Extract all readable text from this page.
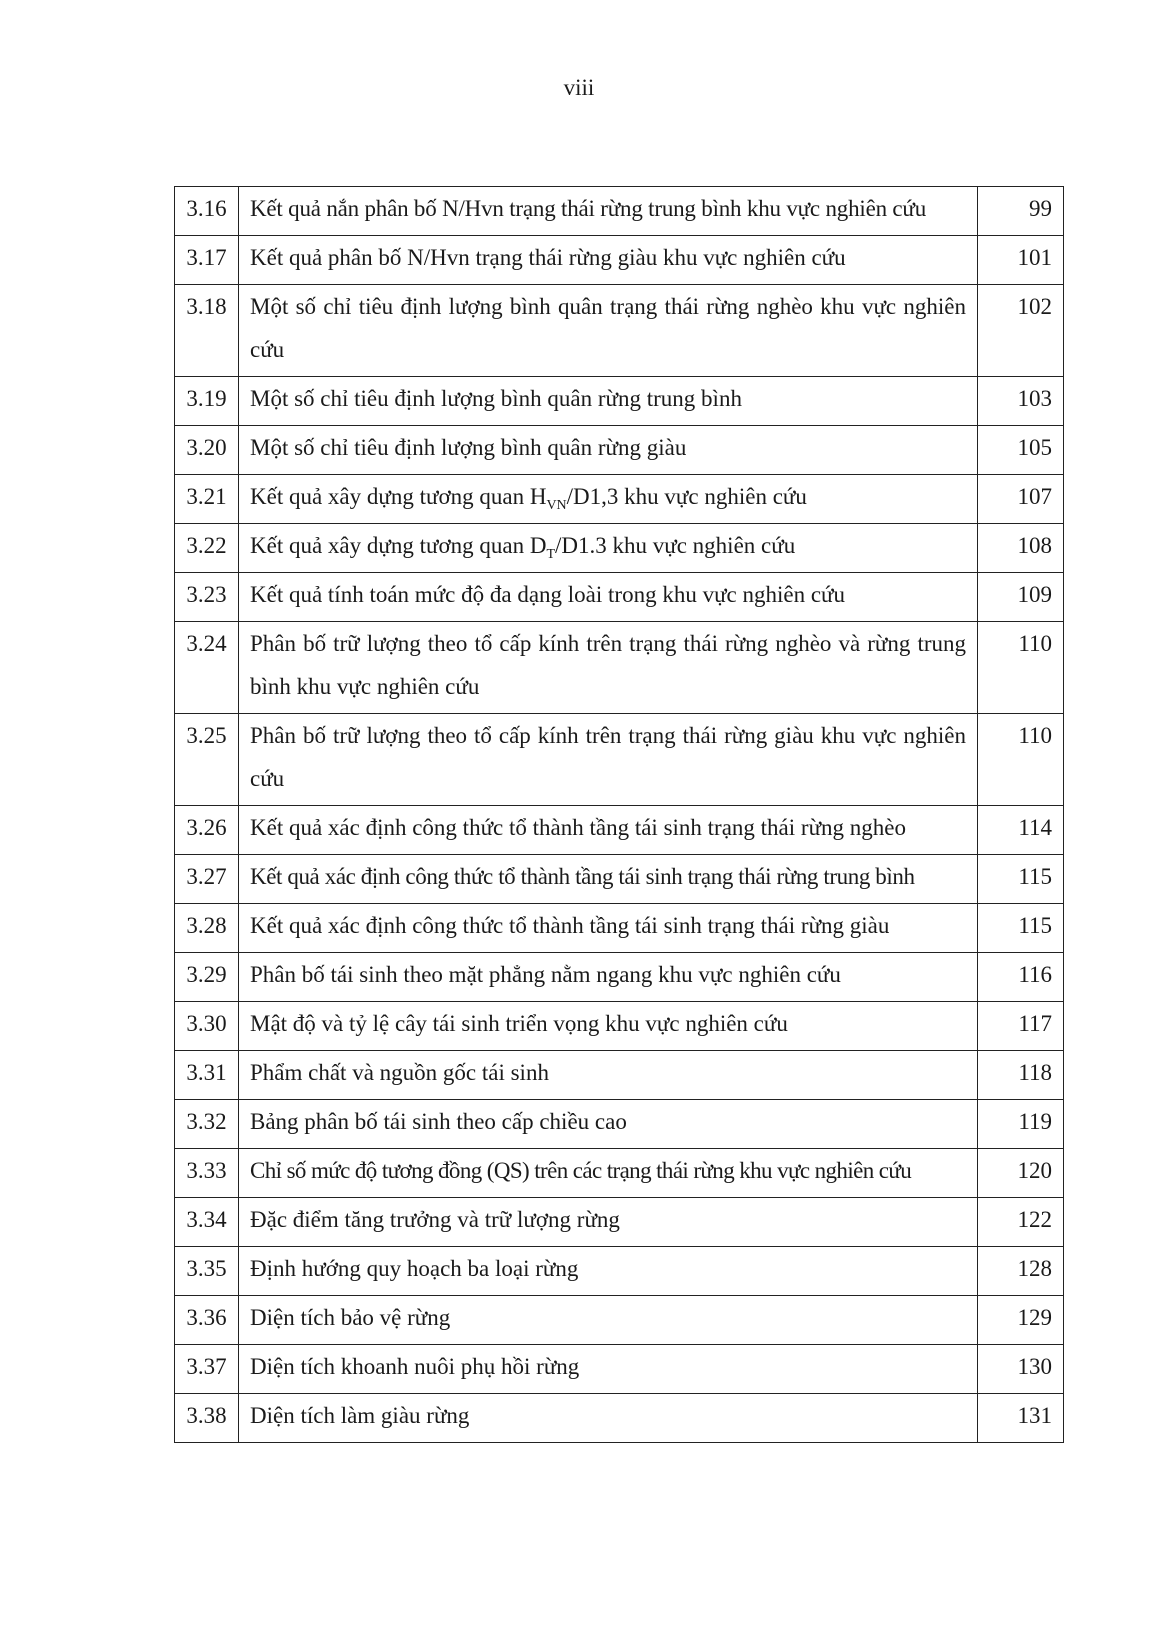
viii
3.16	Kết quả nắn phân bố N/Hvn trạng thái rừng trung bình khu vực nghiên cứu	99

3.17	Kết quả phân bố N/Hvn trạng thái rừng giàu khu vực nghiên cứu	101

3.18	Một số chỉ tiêu định lượng bình quân trạng thái rừng nghèo khu vực nghiên cứu	102

3.19	Một số chỉ tiêu định lượng bình quân rừng trung bình	103

3.20	Một số chỉ tiêu định lượng bình quân rừng giàu	105

3.21	Kết quả xây dựng tương quan $H_{VN}/D1,3$ khu vực nghiên cứu	107

3.22	Kết quả xây dựng tương quan $D_T/D1.3$ khu vực nghiên cứu	108

3.23	Kết quả tính toán mức độ đa dạng loài trong khu vực nghiên cứu	109

3.24	Phân bố trữ lượng theo tổ cấp kính trên trạng thái rừng nghèo và rừng trung bình khu vực nghiên cứu	110

3.25	Phân bố trữ lượng theo tổ cấp kính trên trạng thái rừng giàu khu vực nghiên cứu	110

3.26	Kết quả xác định công thức tổ thành tầng tái sinh trạng thái rừng nghèo	114

3.27	Kết quả xác định công thức tổ thành tầng tái sinh trạng thái rừng trung bình	115

3.28	Kết quả xác định công thức tổ thành tầng tái sinh trạng thái rừng giàu	115

3.29	Phân bố tái sinh theo mặt phẳng nằm ngang khu vực nghiên cứu	116

3.30	Mật độ và tỷ lệ cây tái sinh triển vọng khu vực nghiên cứu	117

3.31	Phẩm chất và nguồn gốc tái sinh	118

3.32	Bảng phân bố tái sinh theo cấp chiều cao	119

3.33	Chỉ số mức độ tương đồng (QS) trên các trạng thái rừng khu vực nghiên cứu	120

3.34	Đặc điểm tăng trưởng và trữ lượng rừng	122

3.35	Định hướng quy hoạch ba loại rừng	128

3.36	Diện tích bảo vệ rừng	129

3.37	Diện tích khoanh nuôi phụ hồi rừng	130

3.38	Diện tích làm giàu rừng	131
